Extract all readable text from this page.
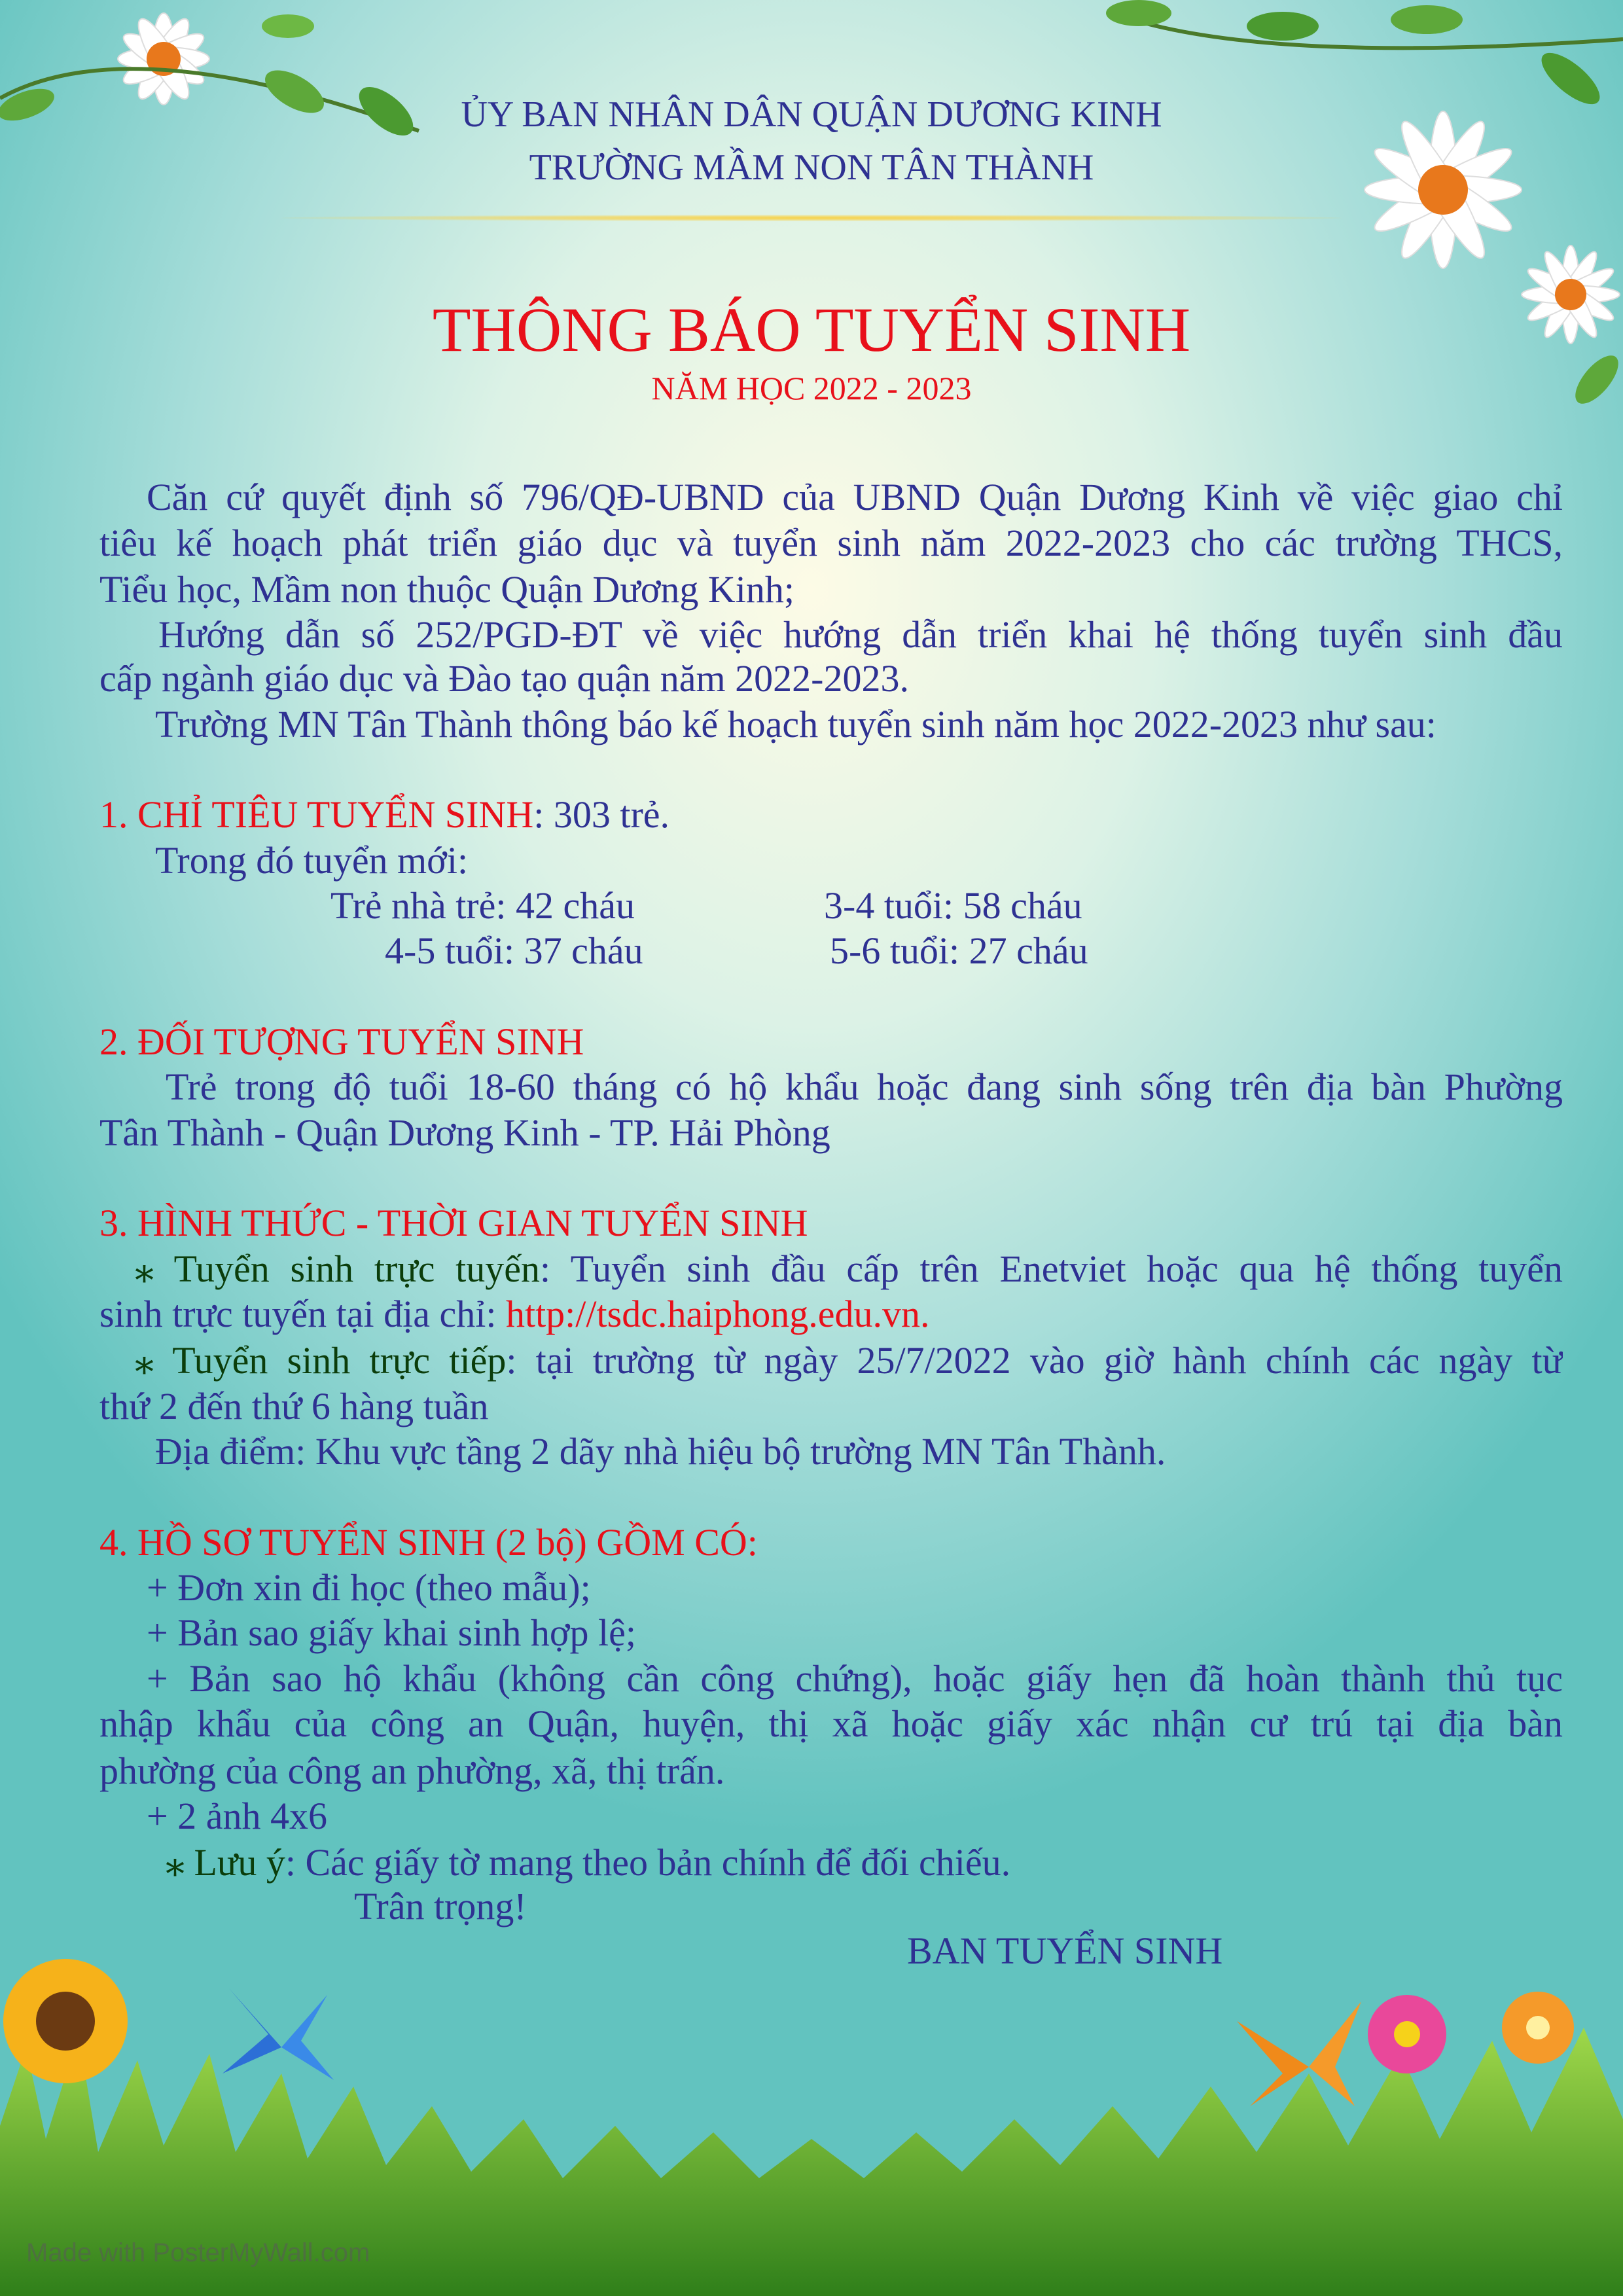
ỦY BAN NHÂN DÂN QUẬN DƯƠNG KINH
TRƯỜNG MẦM NON TÂN THÀNH
THÔNG BÁO TUYỂN SINH
NĂM HỌC 2022 - 2023
Căn cứ quyết định số 796/QĐ-UBND của UBND Quận Dương Kinh về việc giao chỉ
tiêu kế hoạch phát triển giáo dục và tuyển sinh năm 2022-2023 cho các trường THCS,
Tiểu học, Mầm non thuộc Quận Dương Kinh;
Hướng dẫn số 252/PGD-ĐT về việc hướng dẫn triển khai hệ thống tuyển sinh đầu
cấp ngành giáo dục và Đào tạo quận năm 2022-2023.
Trường MN Tân Thành thông báo kế hoạch tuyển sinh năm học 2022-2023 như sau:
1. CHỈ TIÊU TUYỂN SINH: 303 trẻ.
Trong đó tuyển mới:
Trẻ nhà trẻ: 42 cháu	3-4 tuổi: 58 cháu
4-5 tuổi: 37 cháu	5-6 tuổi: 27 cháu
2. ĐỐI TƯỢNG TUYỂN SINH
Trẻ trong độ tuổi 18-60 tháng có hộ khẩu hoặc đang sinh sống trên địa bàn Phường
Tân Thành - Quận Dương Kinh - TP. Hải Phòng
3. HÌNH THỨC - THỜI GIAN TUYỂN SINH
⁎ Tuyển sinh trực tuyến: Tuyển sinh đầu cấp trên Enetviet hoặc qua hệ thống tuyển
sinh trực tuyến tại địa chỉ: http://tsdc.haiphong.edu.vn.
⁎ Tuyển sinh trực tiếp: tại trường từ ngày 25/7/2022 vào giờ hành chính các ngày từ
thứ 2 đến thứ 6 hàng tuần
Địa điểm: Khu vực tầng 2 dãy nhà hiệu bộ trường MN Tân Thành.
4. HỒ SƠ TUYỂN SINH (2 bộ) GỒM CÓ:
+ Đơn xin đi học (theo mẫu);
+ Bản sao giấy khai sinh hợp lệ;
+ Bản sao hộ khẩu (không cần công chứng), hoặc giấy hẹn đã hoàn thành thủ tục
nhập khẩu của công an Quận, huyện, thị xã hoặc giấy xác nhận cư trú tại địa bàn
phường của công an phường, xã, thị trấn.
+ 2 ảnh 4x6
⁎ Lưu ý: Các giấy tờ mang theo bản chính để đối chiếu.
Trân trọng!
BAN TUYỂN SINH
Made with PosterMyWall.com
